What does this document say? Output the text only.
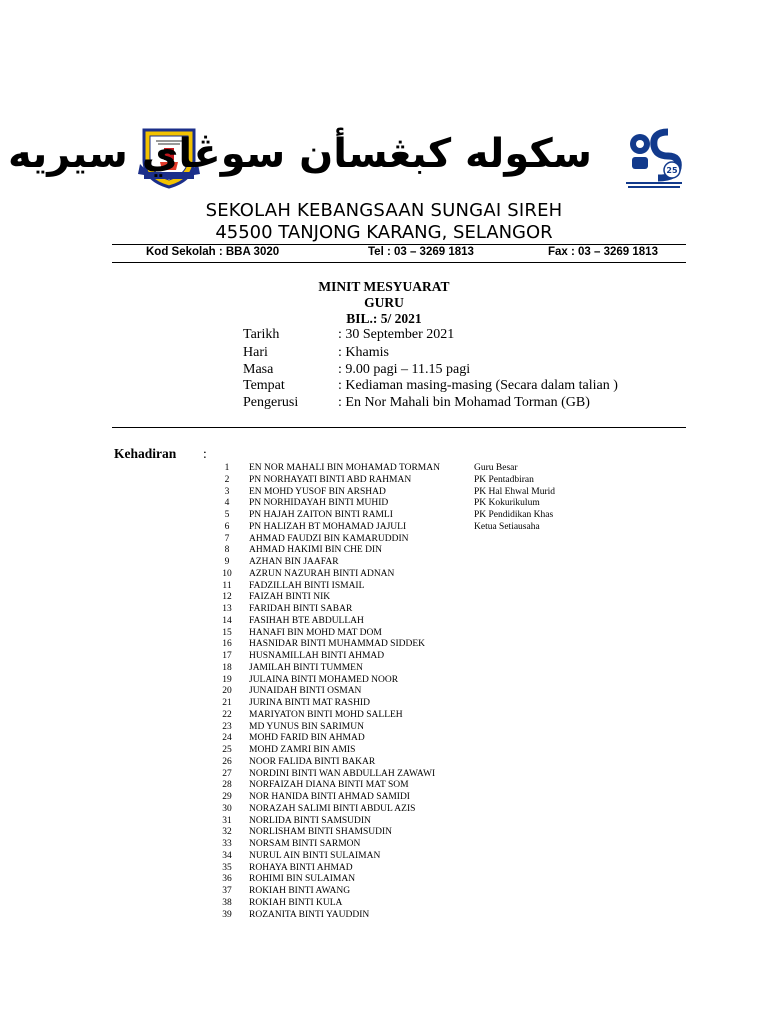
سکوله کبڠسأن سوڠاي سيريه	25
SEKOLAH KEBANGSAAN SUNGAI SIREH
45500 TANJONG KARANG, SELANGOR
Kod Sekolah : BBA 3020	Tel : 03 – 3269 1813	Fax : 03 – 3269 1813
MINIT MESYUARAT
GURU
BIL.: 5/ 2021
Tarikh	: 30 September 2021
Hari	: Khamis
Masa	: 9.00 pagi – 11.15 pagi
Tempat	: Kediaman masing-masing (Secara dalam talian )
Pengerusi	: En Nor Mahali bin Mohamad Torman (GB)
Kehadiran :
1	EN NOR MAHALI BIN MOHAMAD TORMAN	Guru Besar
2	PN NORHAYATI BINTI ABD RAHMAN	PK Pentadbiran
3	EN MOHD YUSOF BIN ARSHAD	PK Hal Ehwal Murid
4	PN NORHIDAYAH BINTI MUHID	PK Kokurikulum
5	PN HAJAH ZAITON BINTI RAMLI	PK Pendidikan Khas
6	PN HALIZAH BT MOHAMAD JAJULI	Ketua Setiausaha
7	AHMAD FAUDZI BIN KAMARUDDIN
8	AHMAD HAKIMI BIN CHE DIN
9	AZHAN BIN JAAFAR
10	AZRUN NAZURAH BINTI ADNAN
11	FADZILLAH BINTI ISMAIL
12	FAIZAH BINTI NIK
13	FARIDAH BINTI SABAR
14	FASIHAH BTE ABDULLAH
15	HANAFI BIN MOHD MAT DOM
16	HASNIDAR BINTI MUHAMMAD SIDDEK
17	HUSNAMILLAH BINTI AHMAD
18	JAMILAH BINTI TUMMEN
19	JULAINA BINTI MOHAMED NOOR
20	JUNAIDAH BINTI OSMAN
21	JURINA BINTI MAT RASHID
22	MARIYATON BINTI MOHD SALLEH
23	MD YUNUS BIN SARIMUN
24	MOHD FARID BIN AHMAD
25	MOHD ZAMRI BIN AMIS
26	NOOR FALIDA BINTI BAKAR
27	NORDINI BINTI WAN ABDULLAH ZAWAWI
28	NORFAIZAH DIANA BINTI MAT SOM
29	NOR HANIDA BINTI AHMAD SAMIDI
30	NORAZAH SALIMI BINTI ABDUL AZIS
31	NORLIDA BINTI SAMSUDIN
32	NORLISHAM BINTI SHAMSUDIN
33	NORSAM BINTI SARMON
34	NURUL AIN BINTI SULAIMAN
35	ROHAYA BINTI AHMAD
36	ROHIMI BIN SULAIMAN
37	ROKIAH BINTI AWANG
38	ROKIAH BINTI KULA
39	ROZANITA BINTI YAUDDIN
